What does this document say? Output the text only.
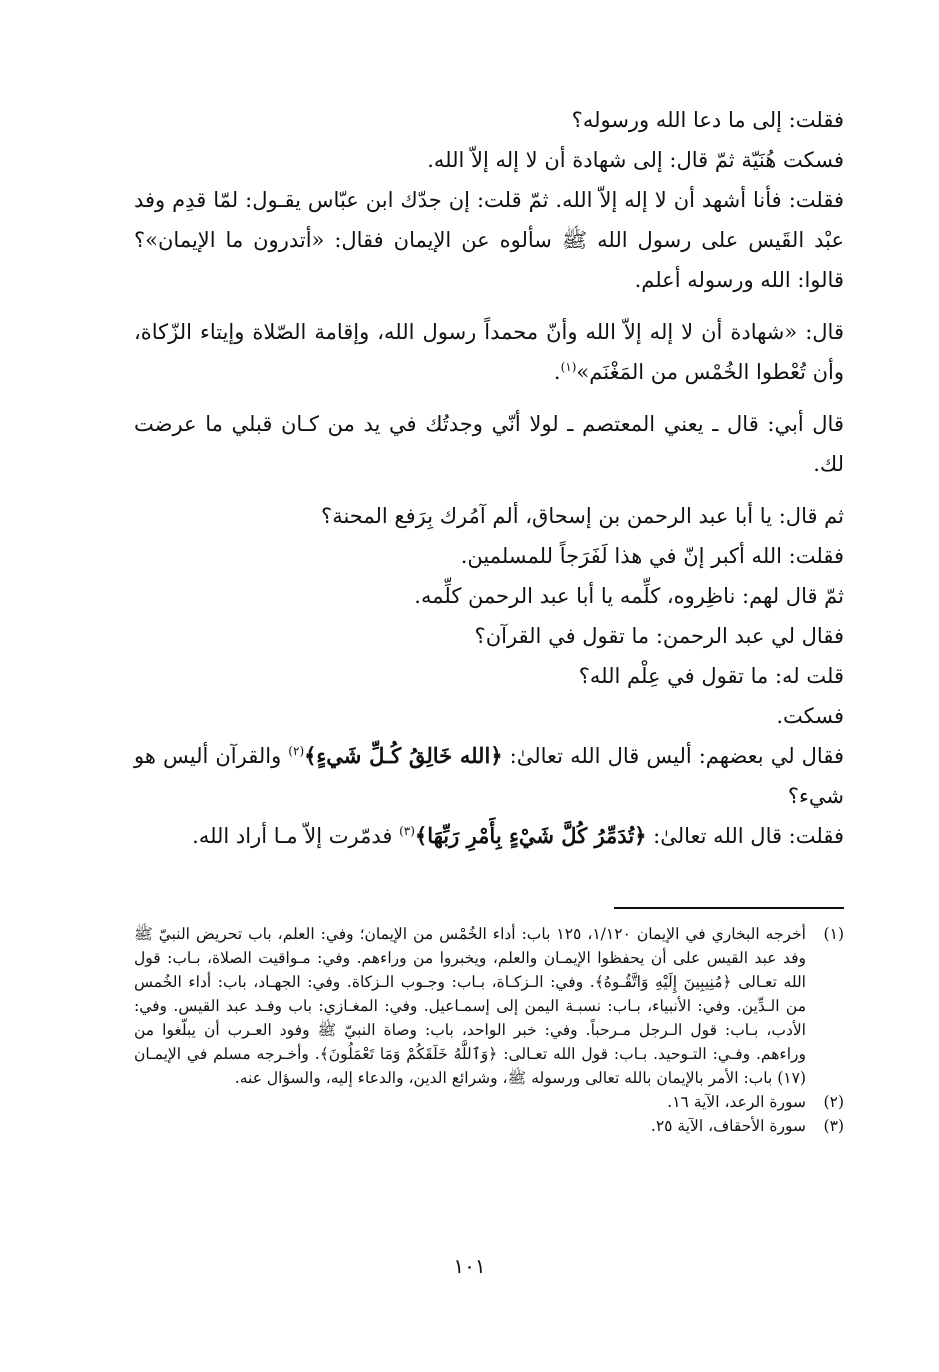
فقلت: إلى ما دعا الله ورسوله؟

فسكت هُنَيّة ثمّ قال: إلى شهادة أن لا إله إلاّ الله.

فقلت: فأنا أشهد أن لا إله إلاّ الله. ثمّ قلت: إن جدّك ابن عبّاس يقـول: لمّا قدِم وفد عبْد القَيس على رسول الله ﷺ سألوه عن الإيمان فقال: «أتدرون ما الإيمان»؟ قالوا: الله ورسوله أعلم.

قال: «شهادة أن لا إله إلاّ الله وأنّ محمداً رسول الله، وإقامة الصّلاة وإيتاء الزّكاة، وأن تُعْطوا الخُمْس من المَغْنَم»$^{(١)}$.

قال أبي: قال ـ يعني المعتصم ـ لولا أنّي وجدتُك في يد من كـان قبلي ما عرضت لك.

ثم قال: يا أبا عبد الرحمن بن إسحاق، ألم آمُرك بِرَفع المحنة؟

فقلت: الله أكبر إنّ في هذا لَفَرَجاً للمسلمين.

ثمّ قال لهم: ناظِروه، كلِّمه يا أبا عبد الرحمن كلِّمه.

فقال لي عبد الرحمن: ما تقول في القرآن؟

قلت له: ما تقول في عِلْم الله؟

فسكت.

فقال لي بعضهم: أليس قال الله تعالىٰ: ﴿الله خَالِقُ كُـلِّ شَيءٍ﴾$^{(٢)}$ والقرآن أليس هو شيء؟

فقلت: قال الله تعالىٰ: ﴿تُدَمِّرُ كُلَّ شَيْءٍ بِأَمْرِ رَبِّهَا﴾$^{(٣)}$ فدمّرت إلاّ مـا أراد الله.

(١)
أخرجه البخاري في الإيمان ١/١٢٠، ١٢٥ باب: أداء الخُمْس من الإيمان؛ وفي: العلم، باب تحريض النبيّ ﷺ وفد عبد القيس على أن يحفظوا الإيمـان والعلم، ويخبروا من وراءهم. وفي: مـواقيت الصلاة، بـاب: قول الله تعـالى ﴿مُنِيبِينَ إِلَيْهِ وَاتَّقُـوهُ﴾. وفي: الـزكـاة، بـاب: وجـوب الـزكاة. وفي: الجهـاد، باب: أداء الخُمس من الـدِّين. وفي: الأنبياء، بـاب: نسبـة اليمن إلى إسمـاعيل. وفي: المغـازي: باب وفـد عبد القيس. وفي: الأدب، بـاب: قول الـرجل مـرحباً. وفي: خبر الواحد، باب: وصاة النبيّ ﷺ وفود العـرب أن يبلّغوا من وراءهم. وفـي: التـوحيد. بـاب: قول الله تعـالى: ﴿وَٱللَّهُ خَلَقَكُمْ وَمَا تَعْمَلُونَ﴾. وأخـرجه مسلم في الإيمـان (١٧) باب: الأمر بالإيمان بالله تعالى ورسوله ﷺ، وشرائع الدين، والدعاء إليه، والسؤال عنه.
(٢)
سورة الرعد، الآية ١٦.
(٣)
سورة الأحقاف، الآية ٢٥.
١٠١
